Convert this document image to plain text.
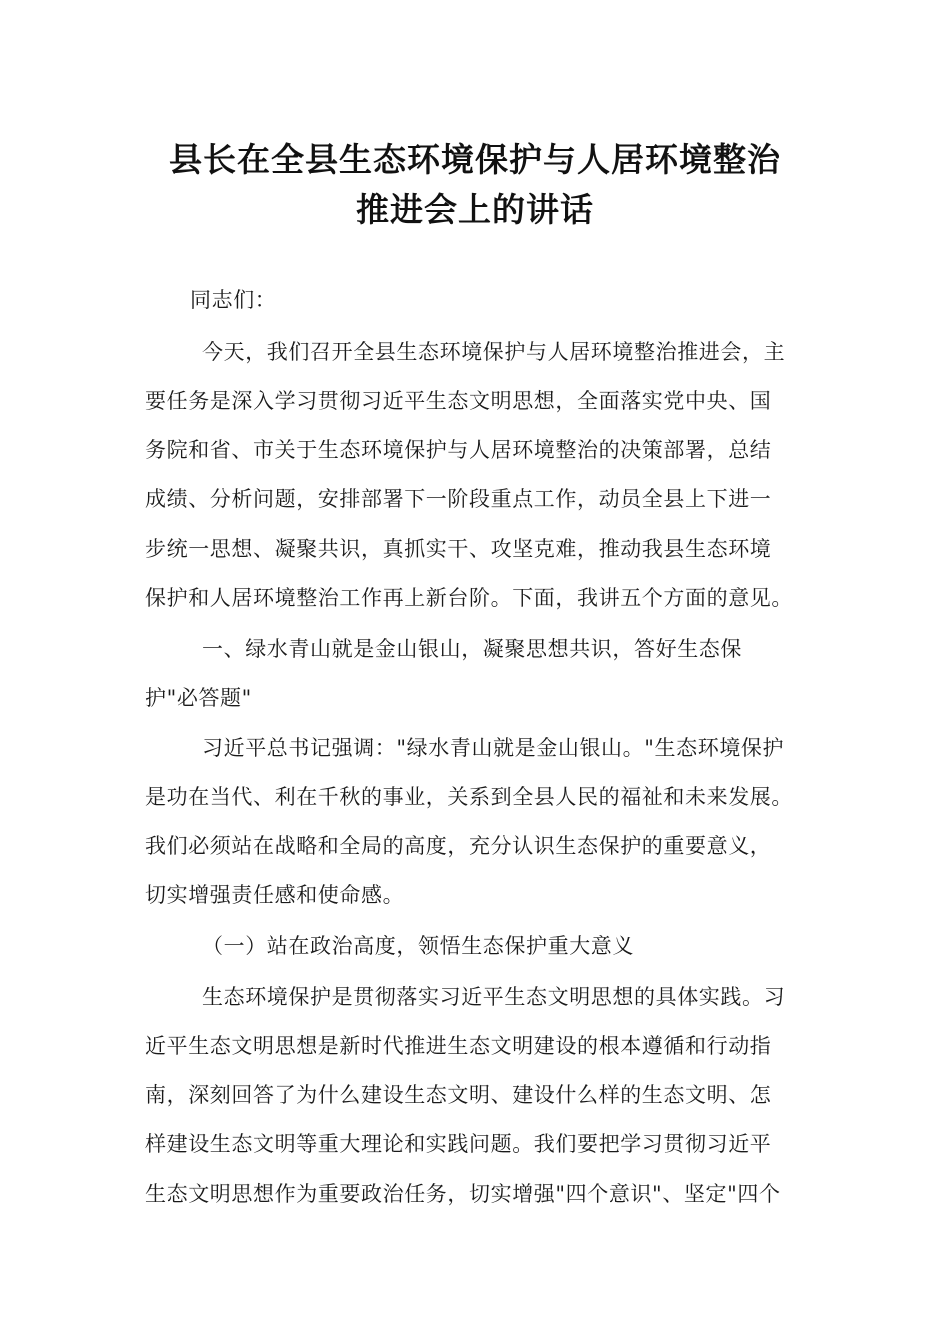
县长在全县生态环境保护与人居环境整治
推进会上的讲话
同志们：
今天，我们召开全县生态环境保护与人居环境整治推进会，主
要任务是深入学习贯彻习近平生态文明思想，全面落实党中央、国
务院和省、市关于生态环境保护与人居环境整治的决策部署，总结
成绩、分析问题，安排部署下一阶段重点工作，动员全县上下进一
步统一思想、凝聚共识，真抓实干、攻坚克难，推动我县生态环境
保护和人居环境整治工作再上新台阶。下面，我讲五个方面的意见。
一、绿水青山就是金山银山，凝聚思想共识，答好生态保
护"必答题"
习近平总书记强调："绿水青山就是金山银山。"生态环境保护
是功在当代、利在千秋的事业，关系到全县人民的福祉和未来发展。
我们必须站在战略和全局的高度，充分认识生态保护的重要意义，
切实增强责任感和使命感。
（一）站在政治高度，领悟生态保护重大意义
生态环境保护是贯彻落实习近平生态文明思想的具体实践。习
近平生态文明思想是新时代推进生态文明建设的根本遵循和行动指
南，深刻回答了为什么建设生态文明、建设什么样的生态文明、怎
样建设生态文明等重大理论和实践问题。我们要把学习贯彻习近平
生态文明思想作为重要政治任务，切实增强"四个意识"、坚定"四个
